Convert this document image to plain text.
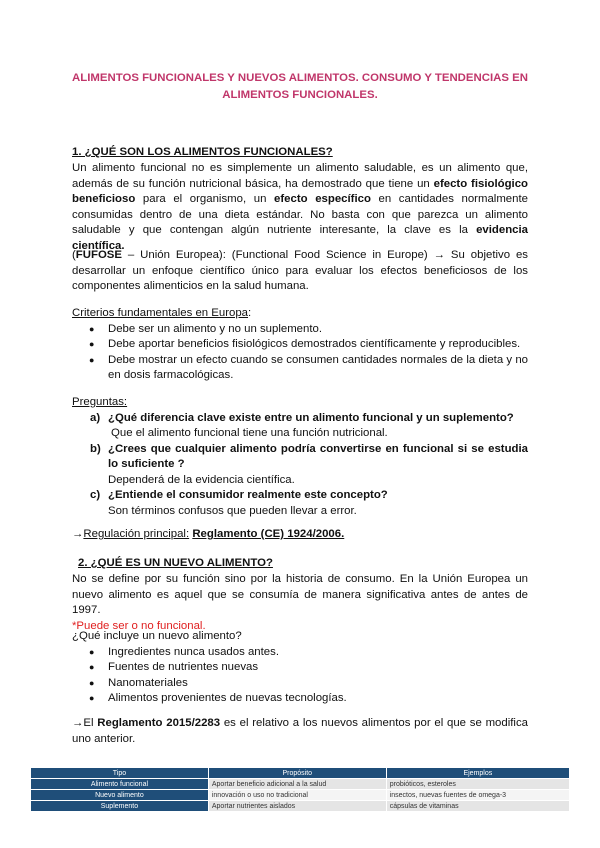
ALIMENTOS FUNCIONALES Y NUEVOS ALIMENTOS. CONSUMO Y TENDENCIAS EN ALIMENTOS FUNCIONALES.
1. ¿QUÉ SON LOS ALIMENTOS FUNCIONALES?
Un alimento funcional no es simplemente un alimento saludable, es un alimento que, además de su función nutricional básica, ha demostrado que tiene un efecto fisiológico beneficioso para el organismo, un efecto específico en cantidades normalmente consumidas dentro de una dieta estándar. No basta con que parezca un alimento saludable y que contengan algún nutriente interesante, la clave es la evidencia científica.
(FUFOSE – Unión Europea): (Functional Food Science in Europe) → Su objetivo es desarrollar un enfoque científico único para evaluar los efectos beneficiosos de los componentes alimenticios en la salud humana.
Criterios fundamentales en Europa:
● Debe ser un alimento y no un suplemento.
● Debe aportar beneficios fisiológicos demostrados científicamente y reproducibles.
● Debe mostrar un efecto cuando se consumen cantidades normales de la dieta y no en dosis farmacológicas.
Preguntas:
a) ¿Qué diferencia clave existe entre un alimento funcional y un suplemento?
Que el alimento funcional tiene una función nutricional.
b) ¿Crees que cualquier alimento podría convertirse en funcional si se estudia lo suficiente ?
Dependerá de la evidencia científica.
c) ¿Entiende el consumidor realmente este concepto?
Son términos confusos que pueden llevar a error.
→Regulación principal: Reglamento (CE) 1924/2006.
2. ¿QUÉ ES UN NUEVO ALIMENTO?
No se define por su función sino por la historia de consumo. En la Unión Europea un nuevo alimento es aquel que se consumía de manera significativa antes de antes de 1997.
*Puede ser o no funcional.
¿Qué incluye un nuevo alimento?
● Ingredientes nunca usados antes.
● Fuentes de nutrientes nuevas
● Nanomateriales
● Alimentos provenientes de nuevas tecnologías.
→El Reglamento 2015/2283 es el relativo a los nuevos alimentos por el que se modifica uno anterior.
Tipo	Propósito	Ejemplos
Alimento funcional	Aportar beneficio adicional a la salud	probióticos, esteroles
Nuevo alimento	innovación o uso no tradicional	insectos, nuevas fuentes de omega-3
Suplemento	Aportar nutrientes aislados	cápsulas de vitaminas
